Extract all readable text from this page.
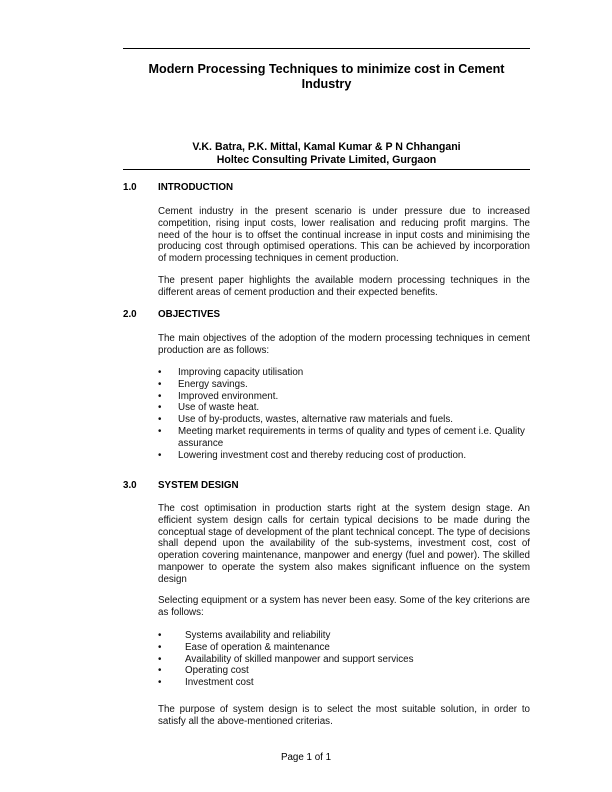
Modern Processing Techniques to minimize cost in Cement Industry
V.K. Batra, P.K. Mittal, Kamal Kumar & P N Chhangani
Holtec Consulting Private Limited, Gurgaon
1.0 INTRODUCTION
Cement industry in the present scenario is under pressure due to increased competition, rising input costs, lower realisation and reducing profit margins. The need of the hour is to offset the continual increase in input costs and minimising the producing cost through optimised operations. This can be achieved by incorporation of modern processing techniques in cement production.
The present paper highlights the available modern processing techniques in the different areas of cement production and their expected benefits.
2.0 OBJECTIVES
The main objectives of the adoption of the modern processing techniques in cement production are as follows:
• Improving capacity utilisation
• Energy savings.
• Improved environment.
• Use of waste heat.
• Use of by-products, wastes, alternative raw materials and fuels.
• Meeting market requirements in terms of quality and types of cement i.e. Quality assurance
• Lowering investment cost and thereby reducing cost of production.
3.0 SYSTEM DESIGN
The cost optimisation in production starts right at the system design stage. An efficient system design calls for certain typical decisions to be made during the conceptual stage of development of the plant technical concept. The type of decisions shall depend upon the availability of the sub-systems, investment cost, cost of operation covering maintenance, manpower and energy (fuel and power). The skilled manpower to operate the system also makes significant influence on the system design
Selecting equipment or a system has never been easy. Some of the key criterions are as follows:
• Systems availability and reliability
• Ease of operation & maintenance
• Availability of skilled manpower and support services
• Operating cost
• Investment cost
The purpose of system design is to select the most suitable solution, in order to satisfy all the above-mentioned criterias.
Page 1 of 1
